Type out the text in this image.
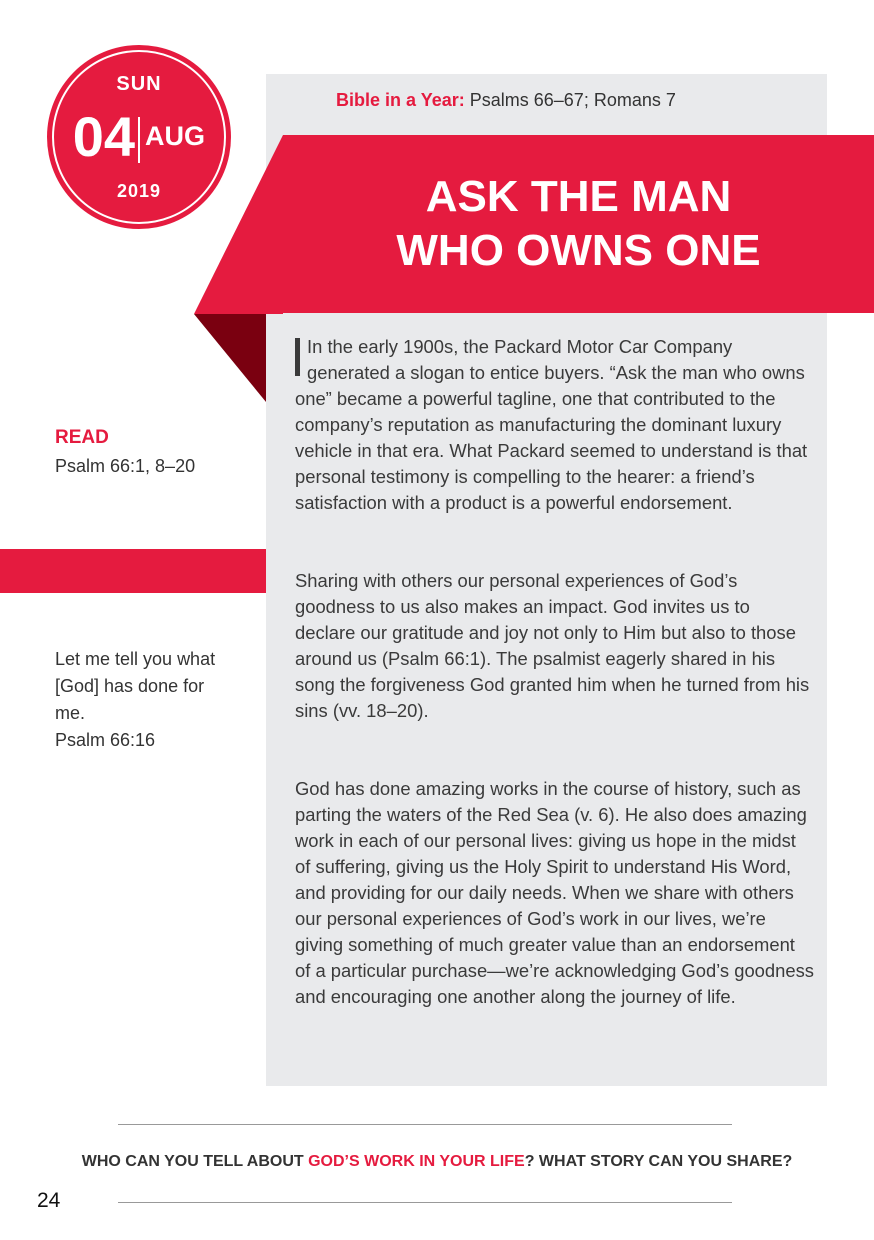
Bible in a Year: Psalms 66–67; Romans 7
ASK THE MAN
WHO OWNS ONE
SUN
04 AUG
2019
READ
Psalm 66:1, 8–20
Let me tell you what [God] has done for me.
Psalm 66:16

In the early 1900s, the Packard Motor Car Company generated a slogan to entice buyers. “Ask the man who owns one” became a powerful tagline, one that contributed to the company’s reputation as manufacturing the dominant luxury vehicle in that era. What Packard seemed to understand is that personal testimony is compelling to the hearer: a friend’s satisfaction with a product is a powerful endorsement.

Sharing with others our personal experiences of God’s goodness to us also makes an impact. God invites us to declare our gratitude and joy not only to Him but also to those around us (Psalm 66:1). The psalmist eagerly shared in his song the forgiveness God granted him when he turned from his sins (vv. 18–20).

God has done amazing works in the course of history, such as parting the waters of the Red Sea (v. 6). He also does amazing work in each of our personal lives: giving us hope in the midst of suffering, giving us the Holy Spirit to understand His Word, and providing for our daily needs. When we share with others our personal experiences of God’s work in our lives, we’re giving something of much greater value than an endorsement of a particular purchase—we’re acknowledging God’s goodness and encouraging one another along the journey of life.

WHO CAN YOU TELL ABOUT GOD’S WORK IN YOUR LIFE? WHAT STORY CAN YOU SHARE?
24
